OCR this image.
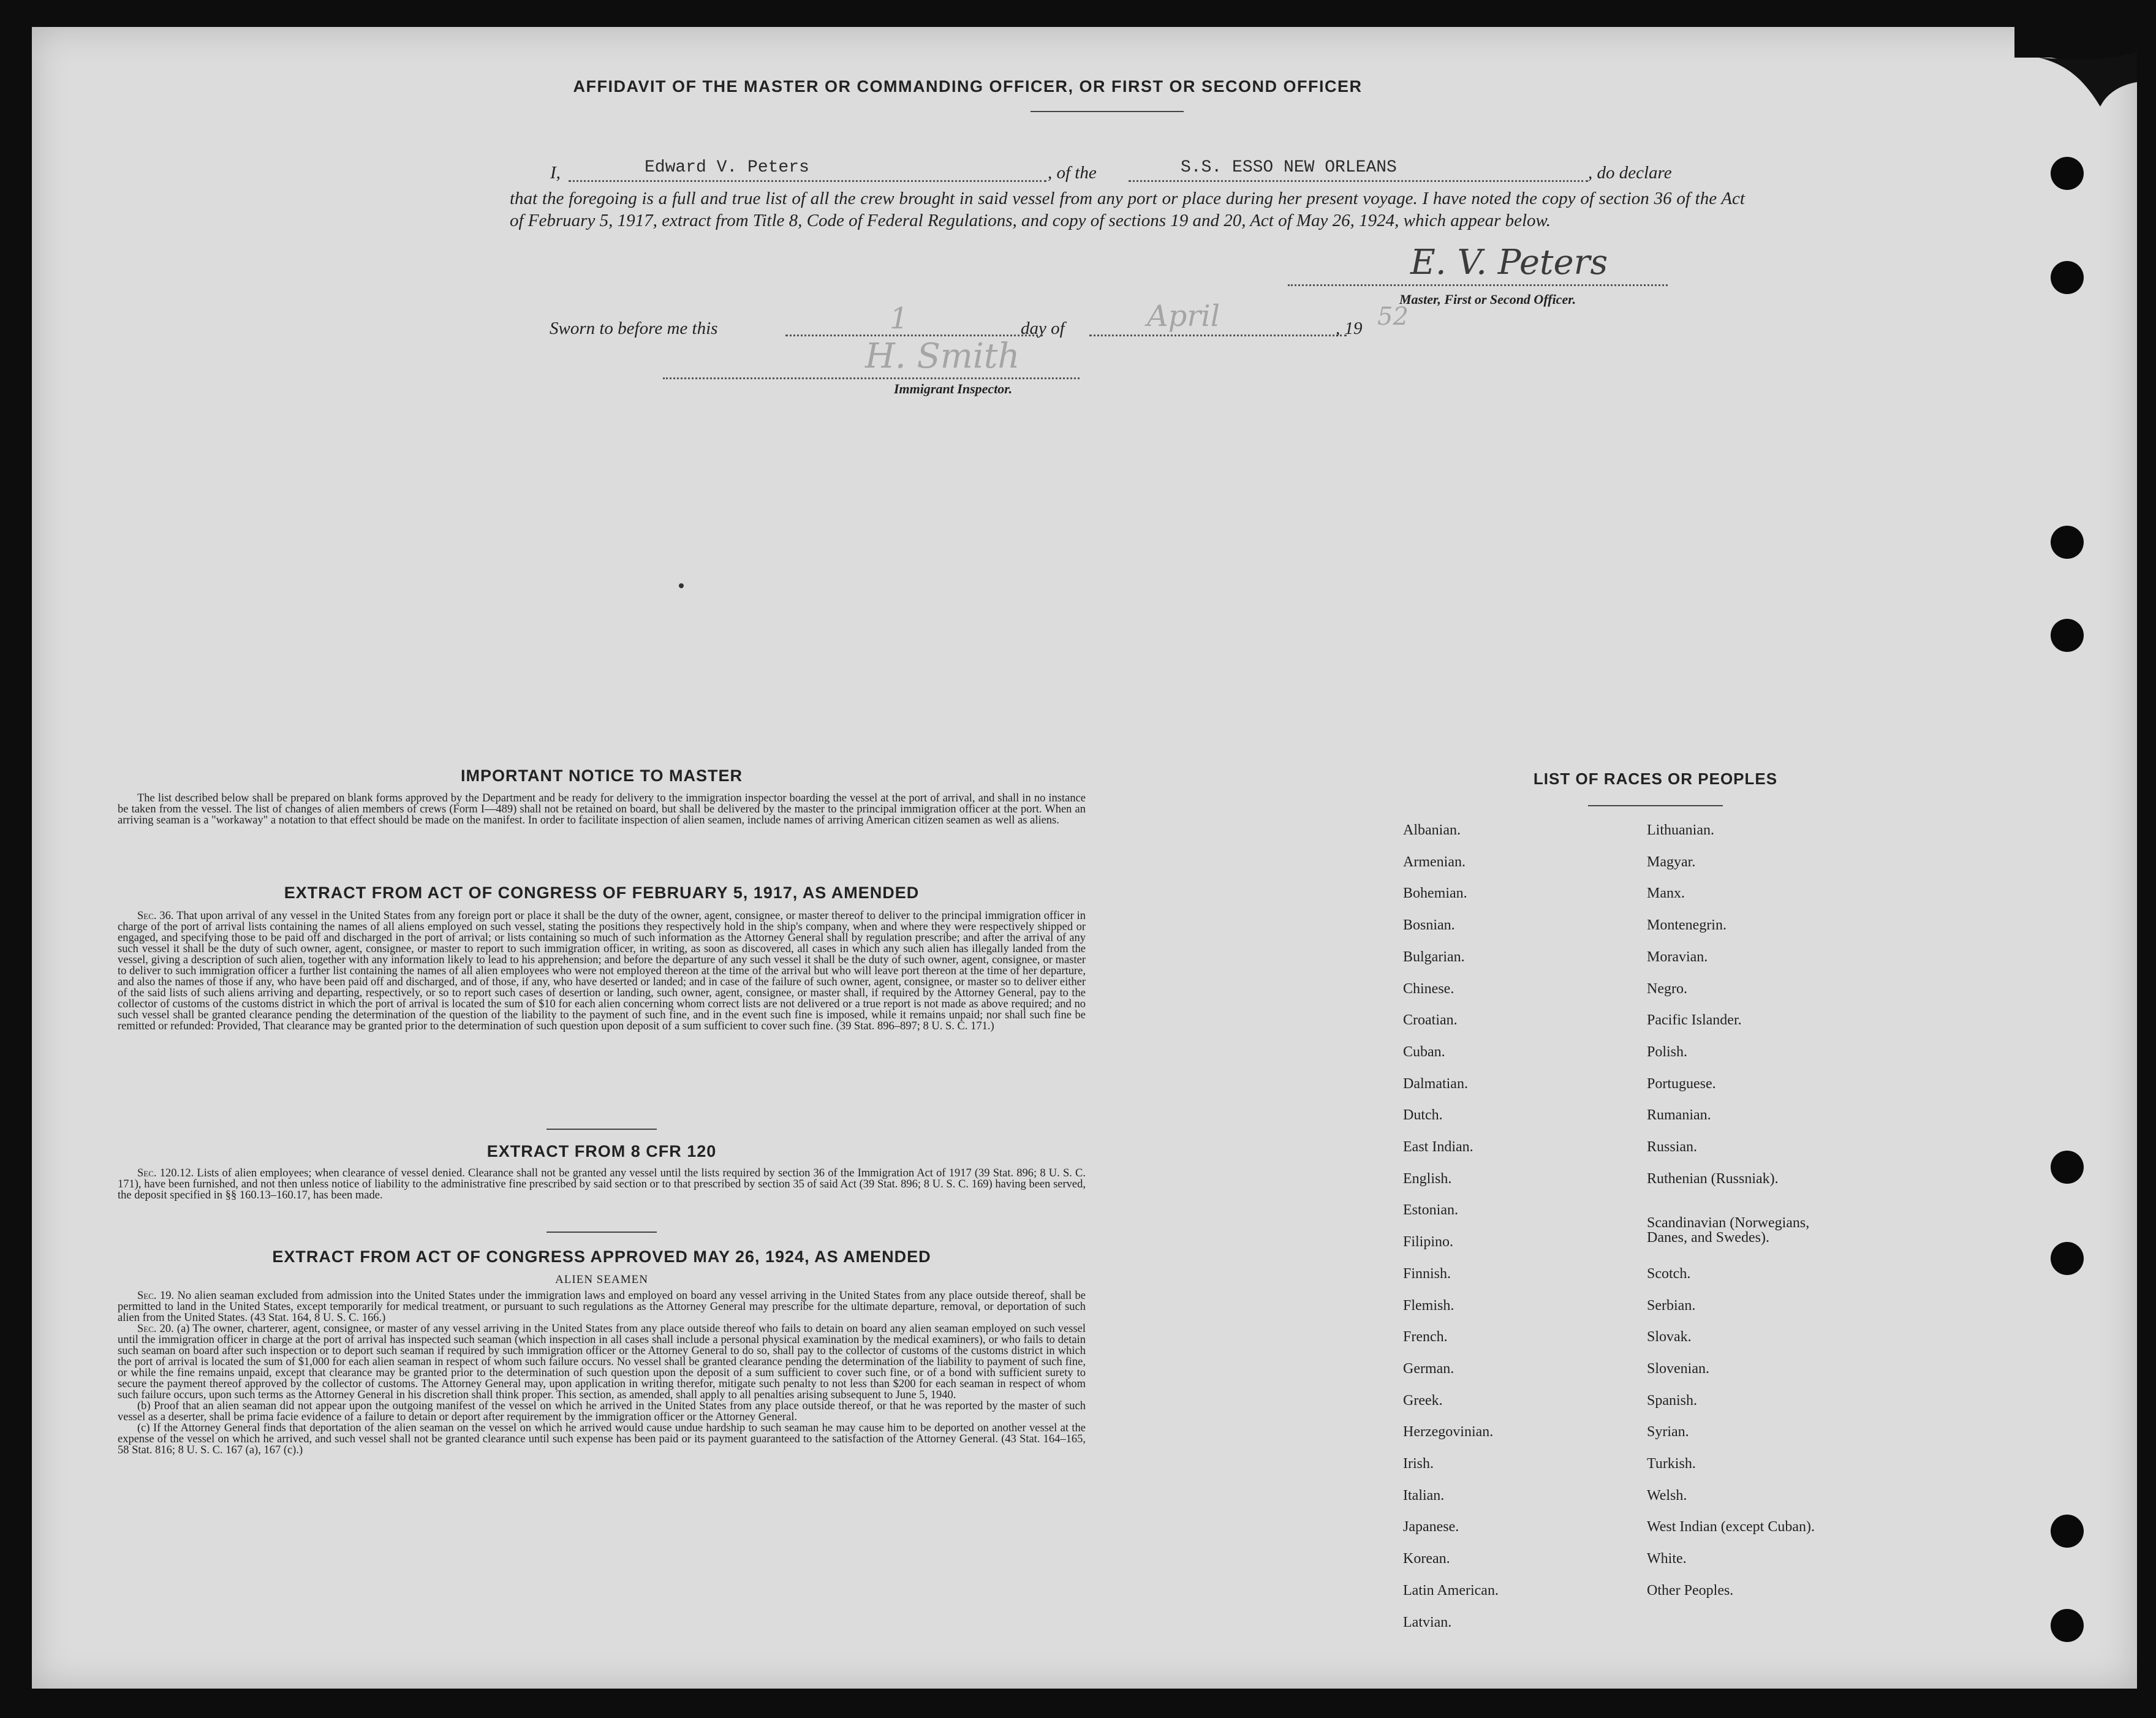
AFFIDAVIT OF THE MASTER OR COMMANDING OFFICER, OR FIRST OR SECOND OFFICER
I,	Edward V. Peters	, of the	S.S. ESSO NEW ORLEANS	, do declare
that the foregoing is a full and true list of all the crew brought in said vessel from any port or place during her present voyage. I have noted the copy of section 36 of the Act of February 5, 1917, extract from Title 8, Code of Federal Regulations, and copy of sections 19 and 20, Act of May 26, 1924, which appear below.
E. V. Peters
Master, First or Second Officer.
Sworn to before me this	1	day of	April	, 19 52
H. Smith
Immigrant Inspector.
IMPORTANT NOTICE TO MASTER

The list described below shall be prepared on blank forms approved by the Department and be ready for delivery to the immigration inspector boarding the vessel at the port of arrival, and shall in no instance be taken from the vessel. The list of changes of alien members of crews (Form I—489) shall not be retained on board, but shall be delivered by the master to the principal immigration officer at the port. When an arriving seaman is a "workaway" a notation to that effect should be made on the manifest. In order to facilitate inspection of alien seamen, include names of arriving American citizen seamen as well as aliens.

EXTRACT FROM ACT OF CONGRESS OF FEBRUARY 5, 1917, AS AMENDED

Sec. 36. That upon arrival of any vessel in the United States from any foreign port or place it shall be the duty of the owner, agent, consignee, or master thereof to deliver to the principal immigration officer in charge of the port of arrival lists containing the names of all aliens employed on such vessel, stating the positions they respectively hold in the ship's company, when and where they were respectively shipped or engaged, and specifying those to be paid off and discharged in the port of arrival; or lists containing so much of such information as the Attorney General shall by regulation prescribe; and after the arrival of any such vessel it shall be the duty of such owner, agent, consignee, or master to report to such immigration officer, in writing, as soon as discovered, all cases in which any such alien has illegally landed from the vessel, giving a description of such alien, together with any information likely to lead to his apprehension; and before the departure of any such vessel it shall be the duty of such owner, agent, consignee, or master to deliver to such immigration officer a further list containing the names of all alien employees who were not employed thereon at the time of the arrival but who will leave port thereon at the time of her departure, and also the names of those if any, who have been paid off and discharged, and of those, if any, who have deserted or landed; and in case of the failure of such owner, agent, consignee, or master so to deliver either of the said lists of such aliens arriving and departing, respectively, or so to report such cases of desertion or landing, such owner, agent, consignee, or master shall, if required by the Attorney General, pay to the collector of customs of the customs district in which the port of arrival is located the sum of $10 for each alien concerning whom correct lists are not delivered or a true report is not made as above required; and no such vessel shall be granted clearance pending the determination of the question of the liability to the payment of such fine, and in the event such fine is imposed, while it remains unpaid; nor shall such fine be remitted or refunded: Provided, That clearance may be granted prior to the determination of such question upon deposit of a sum sufficient to cover such fine. (39 Stat. 896–897; 8 U. S. C. 171.)

EXTRACT FROM 8 CFR 120

Sec. 120.12. Lists of alien employees; when clearance of vessel denied. Clearance shall not be granted any vessel until the lists required by section 36 of the Immigration Act of 1917 (39 Stat. 896; 8 U. S. C. 171), have been furnished, and not then unless notice of liability to the administrative fine prescribed by said section or to that prescribed by section 35 of said Act (39 Stat. 896; 8 U. S. C. 169) having been served, the deposit specified in §§ 160.13–160.17, has been made.

EXTRACT FROM ACT OF CONGRESS APPROVED MAY 26, 1924, AS AMENDED
ALIEN SEAMEN

Sec. 19. No alien seaman excluded from admission into the United States under the immigration laws and employed on board any vessel arriving in the United States from any place outside thereof, shall be permitted to land in the United States, except temporarily for medical treatment, or pursuant to such regulations as the Attorney General may prescribe for the ultimate departure, removal, or deportation of such alien from the United States. (43 Stat. 164, 8 U. S. C. 166.)

Sec. 20. (a) The owner, charterer, agent, consignee, or master of any vessel arriving in the United States from any place outside thereof who fails to detain on board any alien seaman employed on such vessel until the immigration officer in charge at the port of arrival has inspected such seaman (which inspection in all cases shall include a personal physical examination by the medical examiners), or who fails to detain such seaman on board after such inspection or to deport such seaman if required by such immigration officer or the Attorney General to do so, shall pay to the collector of customs of the customs district in which the port of arrival is located the sum of $1,000 for each alien seaman in respect of whom such failure occurs. No vessel shall be granted clearance pending the determination of the liability to payment of such fine, or while the fine remains unpaid, except that clearance may be granted prior to the determination of such question upon the deposit of a sum sufficient to cover such fine, or of a bond with sufficient surety to secure the payment thereof approved by the collector of customs. The Attorney General may, upon application in writing therefor, mitigate such penalty to not less than $200 for each seaman in respect of whom such failure occurs, upon such terms as the Attorney General in his discretion shall think proper. This section, as amended, shall apply to all penalties arising subsequent to June 5, 1940.

(b) Proof that an alien seaman did not appear upon the outgoing manifest of the vessel on which he arrived in the United States from any place outside thereof, or that he was reported by the master of such vessel as a deserter, shall be prima facie evidence of a failure to detain or deport after requirement by the immigration officer or the Attorney General.

(c) If the Attorney General finds that deportation of the alien seaman on the vessel on which he arrived would cause undue hardship to such seaman he may cause him to be deported on another vessel at the expense of the vessel on which he arrived, and such vessel shall not be granted clearance until such expense has been paid or its payment guaranteed to the satisfaction of the Attorney General. (43 Stat. 164–165, 58 Stat. 816; 8 U. S. C. 167 (a), 167 (c).)

LIST OF RACES OR PEOPLES
Albanian.
Armenian.
Bohemian.
Bosnian.
Bulgarian.
Chinese.
Croatian.
Cuban.
Dalmatian.
Dutch.
East Indian.
English.
Estonian.
Filipino.
Finnish.
Flemish.
French.
German.
Greek.
Herzegovinian.
Irish.
Italian.
Japanese.
Korean.
Latin American.
Latvian.
Lithuanian.
Magyar.
Manx.
Montenegrin.
Moravian.
Negro.
Pacific Islander.
Polish.
Portuguese.
Rumanian.
Russian.
Ruthenian (Russniak).
Scandinavian (Norwegians, Danes, and Swedes).
Scotch.
Serbian.
Slovak.
Slovenian.
Spanish.
Syrian.
Turkish.
Welsh.
West Indian (except Cuban).
White.
Other Peoples.
